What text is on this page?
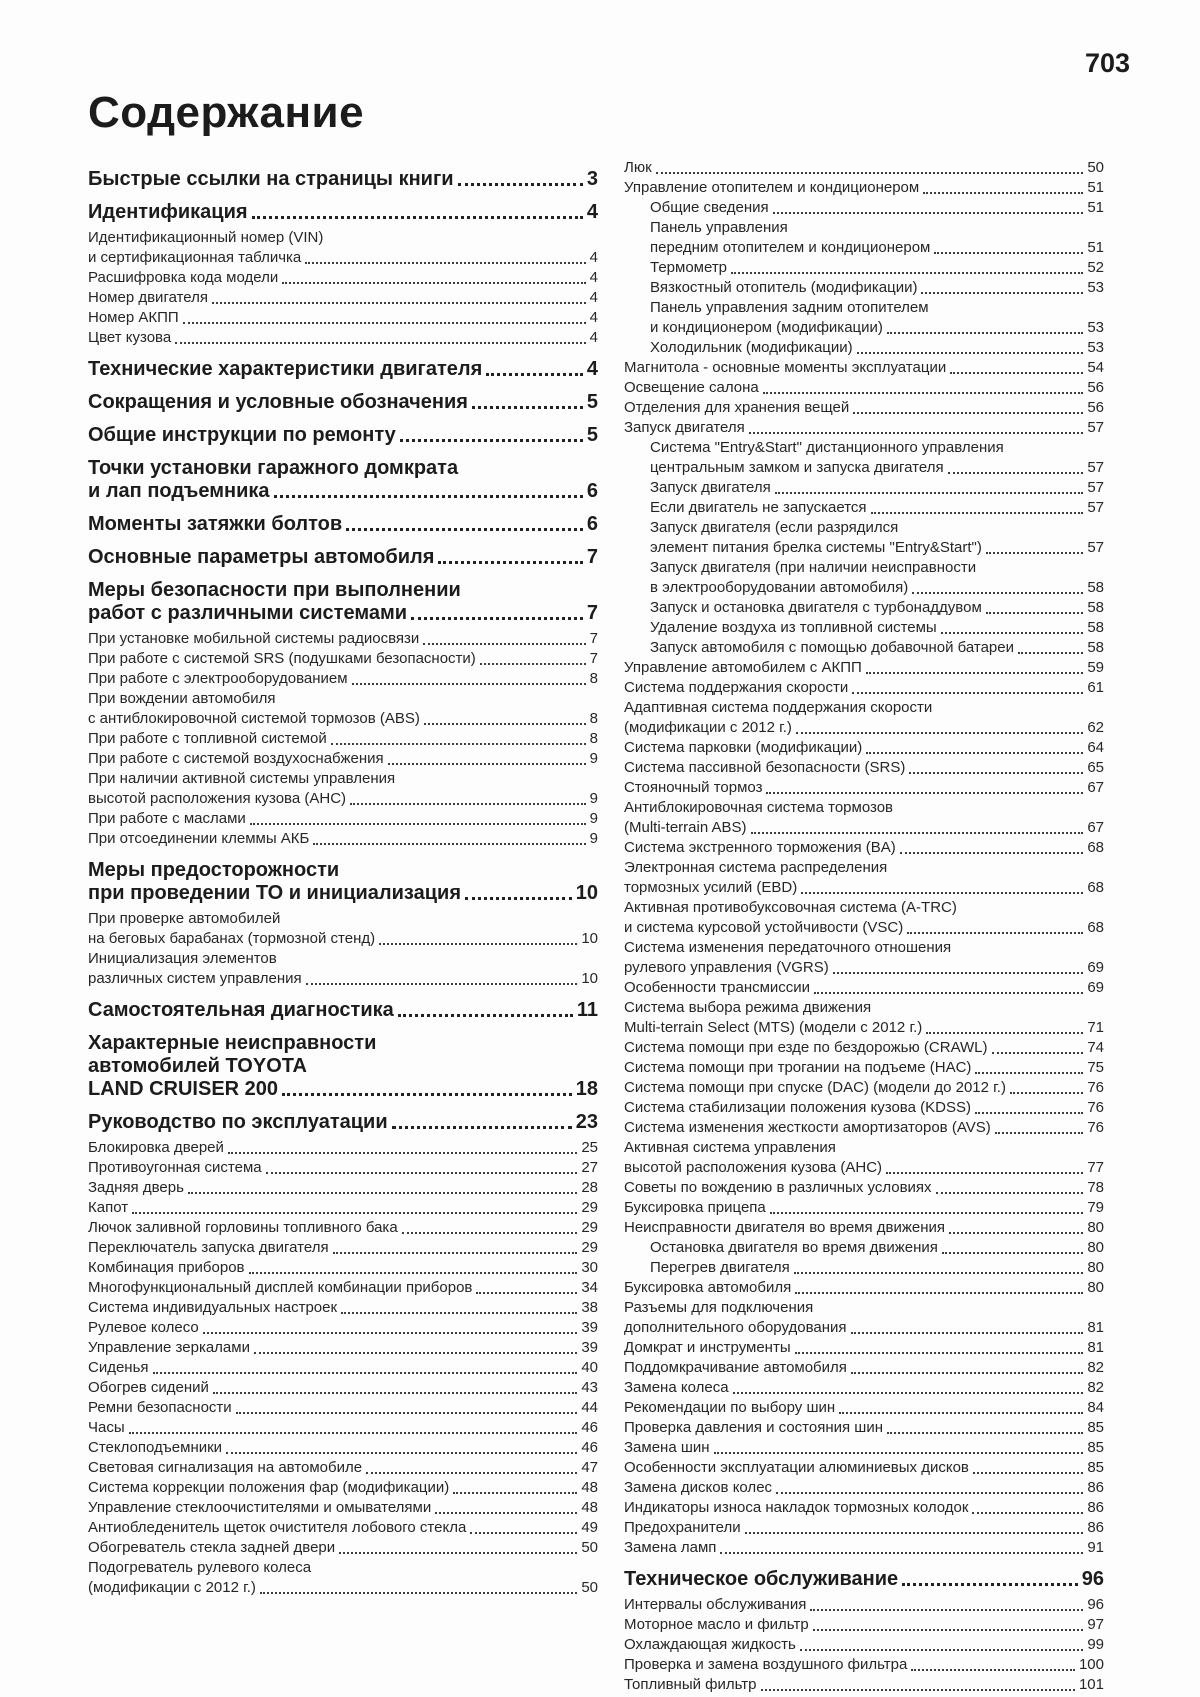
703
Содержание
Быстрые ссылки на страницы книги	3
Идентификация	4
Идентификационный номер (VIN)
и сертификационная табличка	4
Расшифровка кода модели	4
Номер двигателя	4
Номер АКПП	4
Цвет кузова	4
Технические характеристики двигателя	4
Сокращения и условные обозначения	5
Общие инструкции по ремонту	5
Точки установки гаражного домкрата
и лап подъемника	6
Моменты затяжки болтов	6
Основные параметры автомобиля	7
Меры безопасности при выполнении
работ с различными системами	7
При установке мобильной системы радиосвязи	7
При работе с системой SRS (подушками безопасности)	7
При работе с электрооборудованием	8
При вождении автомобиля
с антиблокировочной системой тормозов (ABS)	8
При работе с топливной системой	8
При работе с системой воздухоснабжения	9
При наличии активной системы управления
высотой расположения кузова (AHC)	9
При работе с маслами	9
При отсоединении клеммы АКБ	9
Меры предосторожности
при проведении ТО и инициализация	10
При проверке автомобилей
на беговых барабанах (тормозной стенд)	10
Инициализация элементов
различных систем управления	10
Самостоятельная диагностика	11
Характерные неисправности
автомобилей TOYOTA
LAND CRUISER 200	18
Руководство по эксплуатации	23
Блокировка дверей	25
Противоугонная система	27
Задняя дверь	28
Капот	29
Лючок заливной горловины топливного бака	29
Переключатель запуска двигателя	29
Комбинация приборов	30
Многофункциональный дисплей комбинации приборов	34
Система индивидуальных настроек	38
Рулевое колесо	39
Управление зеркалами	39
Сиденья	40
Обогрев сидений	43
Ремни безопасности	44
Часы	46
Стеклоподъемники	46
Световая сигнализация на автомобиле	47
Система коррекции положения фар (модификации)	48
Управление стеклоочистителями и омывателями	48
Антиобледенитель щеток очистителя лобового стекла	49
Обогреватель стекла задней двери	50
Подогреватель рулевого колеса
(модификации с 2012 г.)	50
Люк	50
Управление отопителем и кондиционером	51
Общие сведения	51
Панель управления
передним отопителем и кондиционером	51
Термометр	52
Вязкостный отопитель (модификации)	53
Панель управления задним отопителем
и кондиционером (модификации)	53
Холодильник (модификации)	53
Магнитола - основные моменты эксплуатации	54
Освещение салона	56
Отделения для хранения вещей	56
Запуск двигателя	57
Система "Entry&Start" дистанционного управления
центральным замком и запуска двигателя	57
Запуск двигателя	57
Если двигатель не запускается	57
Запуск двигателя (если разрядился
элемент питания брелка системы "Entry&Start")	57
Запуск двигателя (при наличии неисправности
в электрооборудовании автомобиля)	58
Запуск и остановка двигателя с турбонаддувом	58
Удаление воздуха из топливной системы	58
Запуск автомобиля с помощью добавочной батареи	58
Управление автомобилем с АКПП	59
Система поддержания скорости	61
Адаптивная система поддержания скорости
(модификации с 2012 г.)	62
Система парковки (модификации)	64
Система пассивной безопасности (SRS)	65
Стояночный тормоз	67
Антиблокировочная система тормозов
(Multi-terrain ABS)	67
Система экстренного торможения (BA)	68
Электронная система распределения
тормозных усилий (EBD)	68
Активная противобуксовочная система (A-TRC)
и система курсовой устойчивости (VSC)	68
Система изменения передаточного отношения
рулевого управления (VGRS)	69
Особенности трансмиссии	69
Система выбора режима движения
Multi-terrain Select (MTS) (модели с 2012 г.)	71
Система помощи при езде по бездорожью (CRAWL)	74
Система помощи при трогании на подъеме (HAC)	75
Система помощи при спуске (DAC) (модели до 2012 г.)	76
Система стабилизации положения кузова (KDSS)	76
Система изменения жесткости амортизаторов (AVS)	76
Активная система управления
высотой расположения кузова (AHC)	77
Советы по вождению в различных условиях	78
Буксировка прицепа	79
Неисправности двигателя во время движения	80
Остановка двигателя во время движения	80
Перегрев двигателя	80
Буксировка автомобиля	80
Разъемы для подключения
дополнительного оборудования	81
Домкрат и инструменты	81
Поддомкрачивание автомобиля	82
Замена колеса	82
Рекомендации по выбору шин	84
Проверка давления и состояния шин	85
Замена шин	85
Особенности эксплуатации алюминиевых дисков	85
Замена дисков колес	86
Индикаторы износа накладок тормозных колодок	86
Предохранители	86
Замена ламп	91
Техническое обслуживание	96
Интервалы обслуживания	96
Моторное масло и фильтр	97
Охлаждающая жидкость	99
Проверка и замена воздушного фильтра	100
Топливный фильтр	101
